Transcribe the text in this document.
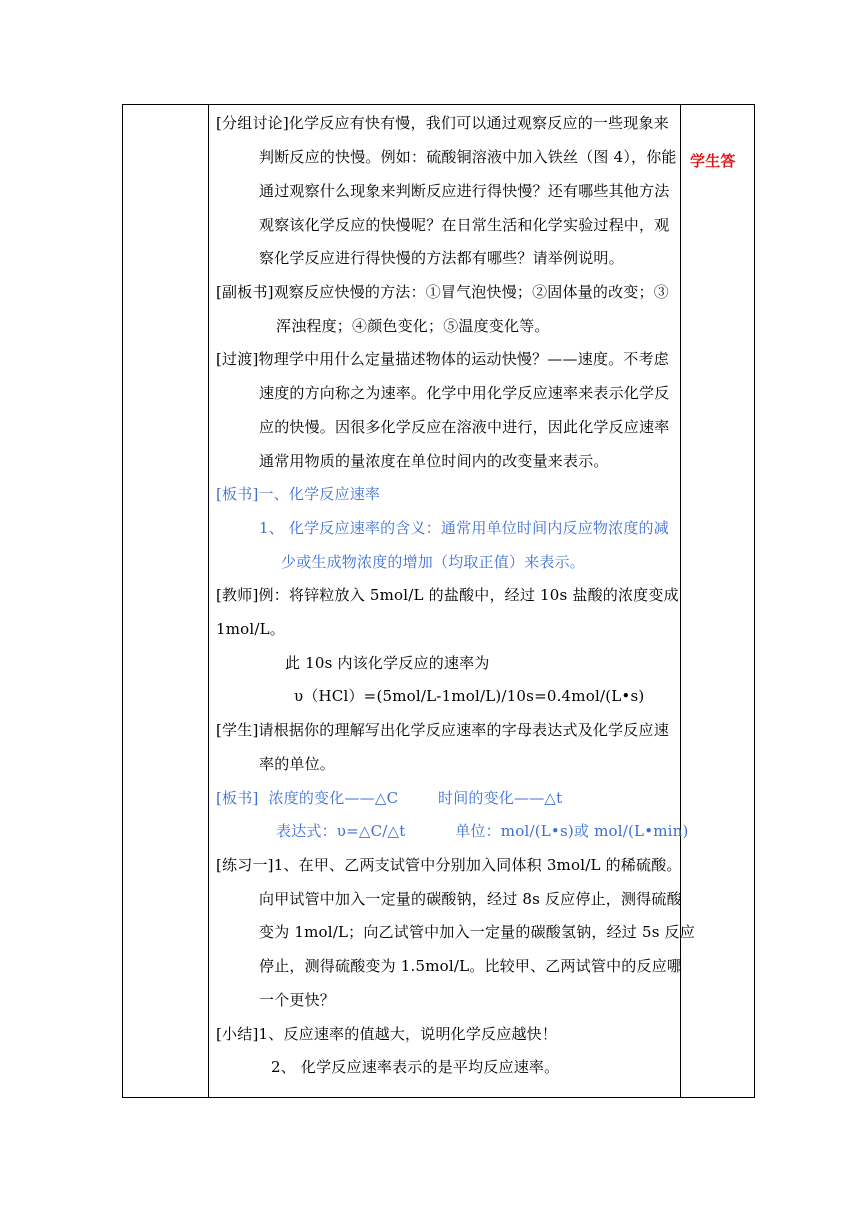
学生答
[分组讨论]化学反应有快有慢，我们可以通过观察反应的一些现象来
判断反应的快慢。例如：硫酸铜溶液中加入铁丝（图 4），你能
通过观察什么现象来判断反应进行得快慢？还有哪些其他方法
观察该化学反应的快慢呢？在日常生活和化学实验过程中，观
察化学反应进行得快慢的方法都有哪些？请举例说明。
[副板书]观察反应快慢的方法：①冒气泡快慢；②固体量的改变；③
浑浊程度；④颜色变化；⑤温度变化等。
[过渡]物理学中用什么定量描述物体的运动快慢？——速度。不考虑
速度的方向称之为速率。化学中用化学反应速率来表示化学反
应的快慢。因很多化学反应在溶液中进行，因此化学反应速率
通常用物质的量浓度在单位时间内的改变量来表示。
[板书]一、化学反应速率
1、 化学反应速率的含义：通常用单位时间内反应物浓度的减
少或生成物浓度的增加（均取正值）来表示。
[教师]例：将锌粒放入 5mol/L 的盐酸中，经过 10s 盐酸的浓度变成
1mol/L。
此 10s 内该化学反应的速率为
υ（HCl）=(5mol/L-1mol/L)/10s=0.4mol/(L•s)
[学生]请根据你的理解写出化学反应速率的字母表达式及化学反应速
率的单位。
[板书]  浓度的变化——△C        时间的变化——△t
表达式：υ=△C/△t          单位：mol/(L•s)或 mol/(L•min)
[练习一]1、在甲、乙两支试管中分别加入同体积 3mol/L 的稀硫酸。
向甲试管中加入一定量的碳酸钠，经过 8s 反应停止，测得硫酸
变为 1mol/L；向乙试管中加入一定量的碳酸氢钠，经过 5s 反应
停止，测得硫酸变为 1.5mol/L。比较甲、乙两试管中的反应哪
一个更快？
[小结]1、反应速率的值越大，说明化学反应越快！
2、 化学反应速率表示的是平均反应速率。
